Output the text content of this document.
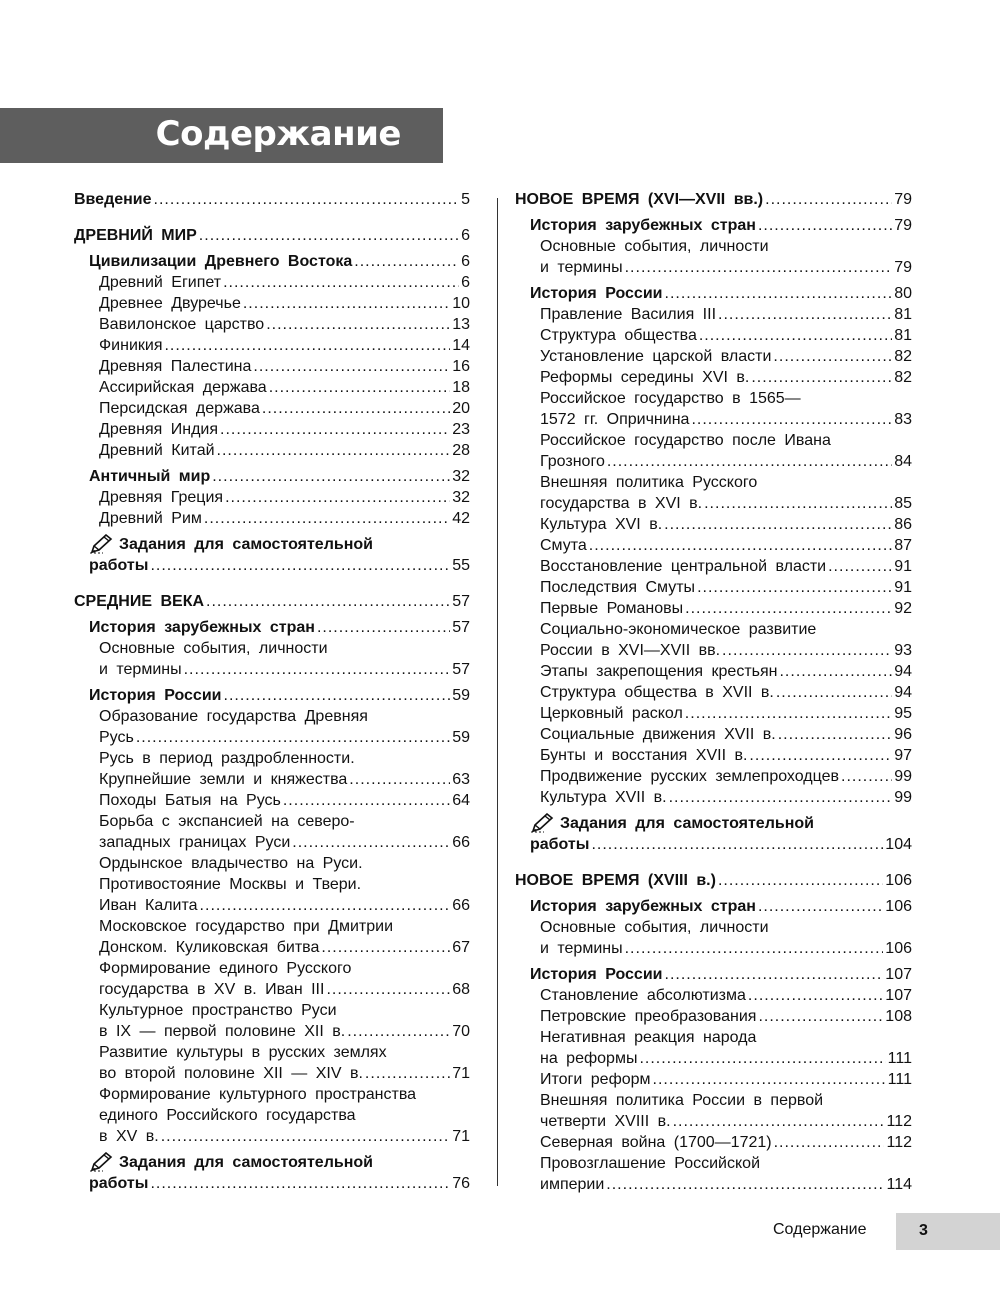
Содержание
Введение .....	5
ДРЕВНИЙ МИР .....	6
Цивилизации Древнего Востока .....	6
Древний Египет .....	6
Древнее Двуречье .....	10
Вавилонское царство .....	13
Финикия .....	14
Древняя Палестина .....	16
Ассирийская держава .....	18
Персидская держава .....	20
Древняя Индия .....	23
Древний Китай .....	28
Античный мир .....	32
Древняя Греция .....	32
Древний Рим .....	42
Задания для самостоятельной
работы .....	55
СРЕДНИЕ ВЕКА .....	57
История зарубежных стран .....	57
Основные события, личности
и термины .....	57
История России .....	59
Образование государства Древняя
Русь .....	59
Русь в период раздробленности.
Крупнейшие земли и княжества .....	63
Походы Батыя на Русь .....	64
Борьба с экспансией на северо-
западных границах Руси .....	66
Ордынское владычество на Руси.
Противостояние Москвы и Твери.
Иван Калита .....	66
Московское государство при Дмитрии
Донском. Куликовская битва .....	67
Формирование единого Русского
государства в XV в. Иван III .....	68
Культурное пространство Руси
в IX — первой половине XII в. .....	70
Развитие культуры в русских землях
во второй половине XII — XIV в. .....	71
Формирование культурного пространства
единого Российского государства
в XV в. .....	71
Задания для самостоятельной
работы .....	76
НОВОЕ ВРЕМЯ (XVI—XVII вв.) .....	79
История зарубежных стран .....	79
Основные события, личности
и термины .....	79
История России .....	80
Правление Василия III .....	81
Структура общества .....	81
Установление царской власти .....	82
Реформы середины XVI в. .....	82
Российское государство в 1565—
1572 гг. Опричнина .....	83
Российское государство после Ивана
Грозного .....	84
Внешняя политика Русского
государства в XVI в. .....	85
Культура XVI в. .....	86
Смута .....	87
Восстановление центральной власти .....	91
Последствия Смуты .....	91
Первые Романовы .....	92
Социально-экономическое развитие
России в XVI—XVII вв. .....	93
Этапы закрепощения крестьян .....	94
Структура общества в XVII в. .....	94
Церковный раскол .....	95
Социальные движения XVII в. .....	96
Бунты и восстания XVII в. .....	97
Продвижение русских землепроходцев .....	99
Культура XVII в. .....	99
Задания для самостоятельной
работы .....	104
НОВОЕ ВРЕМЯ (XVIII в.) .....	106
История зарубежных стран .....	106
Основные события, личности
и термины .....	106
История России .....	107
Становление абсолютизма .....	107
Петровские преобразования .....	108
Негативная реакция народа
на реформы .....	111
Итоги реформ .....	111
Внешняя политика России в первой
четверти XVIII в. .....	112
Северная война (1700—1721) .....	112
Провозглашение Российской
империи .....	114
Содержание	3
